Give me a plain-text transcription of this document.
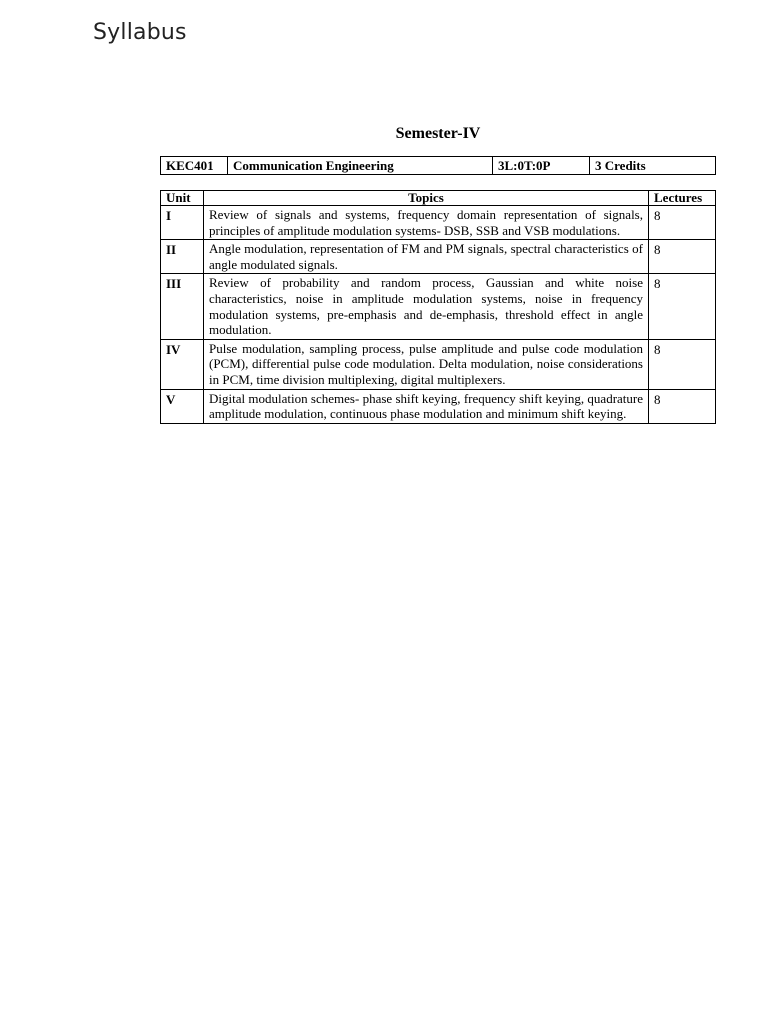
Syllabus
Semester-IV
KEC401	Communication Engineering	3L:0T:0P	3 Credits
Unit	Topics	Lectures
I	Review of signals and systems, frequency domain representation of signals, principles of amplitude modulation systems- DSB, SSB and VSB modulations.	8
II	Angle modulation, representation of FM and PM signals, spectral characteristics of angle modulated signals.	8
III	Review of probability and random process, Gaussian and white noise characteristics, noise in amplitude modulation systems, noise in frequency modulation systems, pre-emphasis and de-emphasis, threshold effect in angle modulation.	8
IV	Pulse modulation, sampling process, pulse amplitude and pulse code modulation (PCM), differential pulse code modulation. Delta modulation, noise considerations in PCM, time division multiplexing, digital multiplexers.	8
V	Digital modulation schemes- phase shift keying, frequency shift keying, quadrature amplitude modulation, continuous phase modulation and minimum shift keying.	8
